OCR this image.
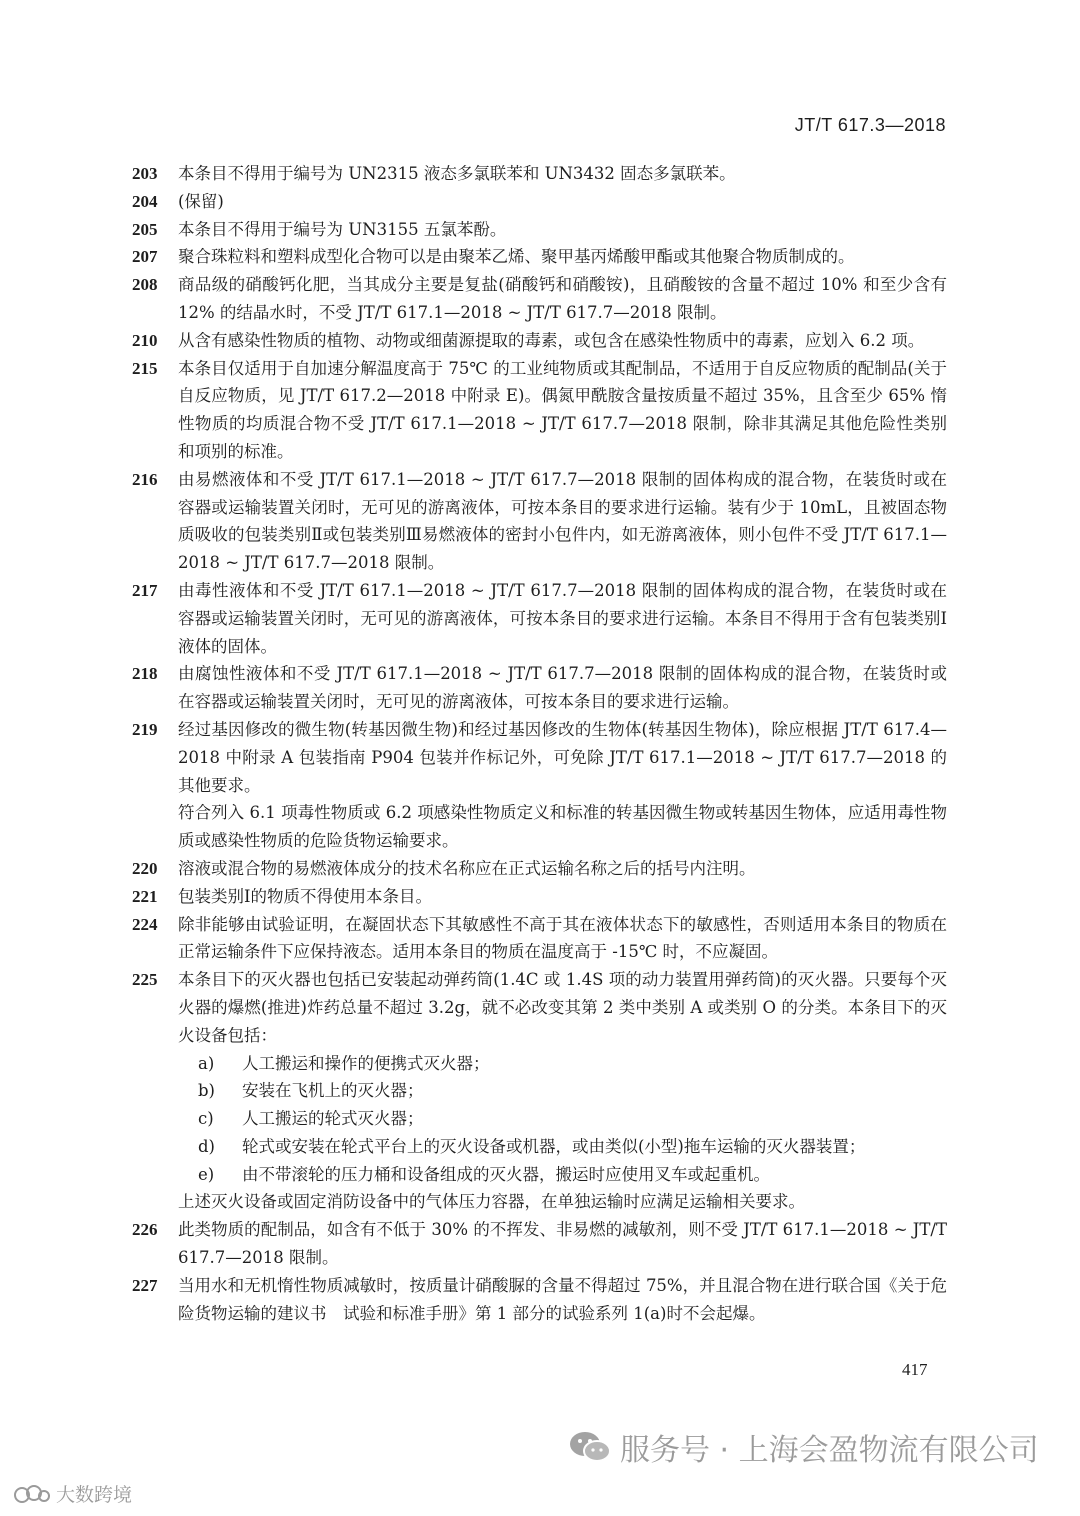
JT/T 617.3—2018
203 本条目不得用于编号为 UN2315 液态多氯联苯和 UN3432 固态多氯联苯。

204 (保留)

205 本条目不得用于编号为 UN3155 五氯苯酚。

207 聚合珠粒料和塑料成型化合物可以是由聚苯乙烯、聚甲基丙烯酸甲酯或其他聚合物质制成的。

208 商品级的硝酸钙化肥，当其成分主要是复盐(硝酸钙和硝酸铵)，且硝酸铵的含量不超过 10% 和至少含有 12% 的结晶水时，不受 JT/T 617.1—2018 ~ JT/T 617.7—2018 限制。

210 从含有感染性物质的植物、动物或细菌源提取的毒素，或包含在感染性物质中的毒素，应划入 6.2 项。

215 本条目仅适用于自加速分解温度高于 75℃ 的工业纯物质或其配制品，不适用于自反应物质的配制品(关于自反应物质，见 JT/T 617.2—2018 中附录 E)。偶氮甲酰胺含量按质量不超过 35%，且含至少 65% 惰性物质的均质混合物不受 JT/T 617.1—2018 ~ JT/T 617.7—2018 限制，除非其满足其他危险性类别和项别的标准。

216 由易燃液体和不受 JT/T 617.1—2018 ~ JT/T 617.7—2018 限制的固体构成的混合物，在装货时或在容器或运输装置关闭时，无可见的游离液体，可按本条目的要求进行运输。装有少于 10mL，且被固态物质吸收的包装类别Ⅱ或包装类别Ⅲ易燃液体的密封小包件内，如无游离液体，则小包件不受 JT/T 617.1—2018 ~ JT/T 617.7—2018 限制。

217 由毒性液体和不受 JT/T 617.1—2018 ~ JT/T 617.7—2018 限制的固体构成的混合物，在装货时或在容器或运输装置关闭时，无可见的游离液体，可按本条目的要求进行运输。本条目不得用于含有包装类别Ⅰ液体的固体。

218 由腐蚀性液体和不受 JT/T 617.1—2018 ~ JT/T 617.7—2018 限制的固体构成的混合物，在装货时或在容器或运输装置关闭时，无可见的游离液体，可按本条目的要求进行运输。

219 经过基因修改的微生物(转基因微生物)和经过基因修改的生物体(转基因生物体)，除应根据 JT/T 617.4—2018 中附录 A 包装指南 P904 包装并作标记外，可免除 JT/T 617.1—2018 ~ JT/T 617.7—2018 的其他要求。

符合列入 6.1 项毒性物质或 6.2 项感染性物质定义和标准的转基因微生物或转基因生物体，应适用毒性物质或感染性物质的危险货物运输要求。

220 溶液或混合物的易燃液体成分的技术名称应在正式运输名称之后的括号内注明。

221 包装类别Ⅰ的物质不得使用本条目。

224 除非能够由试验证明，在凝固状态下其敏感性不高于其在液体状态下的敏感性，否则适用本条目的物质在正常运输条件下应保持液态。适用本条目的物质在温度高于 -15℃ 时，不应凝固。

225 本条目下的灭火器也包括已安装起动弹药筒(1.4C 或 1.4S 项的动力装置用弹药筒)的灭火器。只要每个灭火器的爆燃(推进)炸药总量不超过 3.2g，就不必改变其第 2 类中类别 A 或类别 O 的分类。本条目下的灭火设备包括：

a) 人工搬运和操作的便携式灭火器；

b) 安装在飞机上的灭火器；

c) 人工搬运的轮式灭火器；

d) 轮式或安装在轮式平台上的灭火设备或机器，或由类似(小型)拖车运输的灭火器装置；

e) 由不带滚轮的压力桶和设备组成的灭火器，搬运时应使用叉车或起重机。

上述灭火设备或固定消防设备中的气体压力容器，在单独运输时应满足运输相关要求。

226 此类物质的配制品，如含有不低于 30% 的不挥发、非易燃的减敏剂，则不受 JT/T 617.1—2018 ~ JT/T 617.7—2018 限制。

227 当用水和无机惰性物质减敏时，按质量计硝酸脲的含量不得超过 75%，并且混合物在进行联合国《关于危险货物运输的建议书　试验和标准手册》第 1 部分的试验系列 1(a)时不会起爆。

417
大数跨境
服务号 · 上海会盈物流有限公司
